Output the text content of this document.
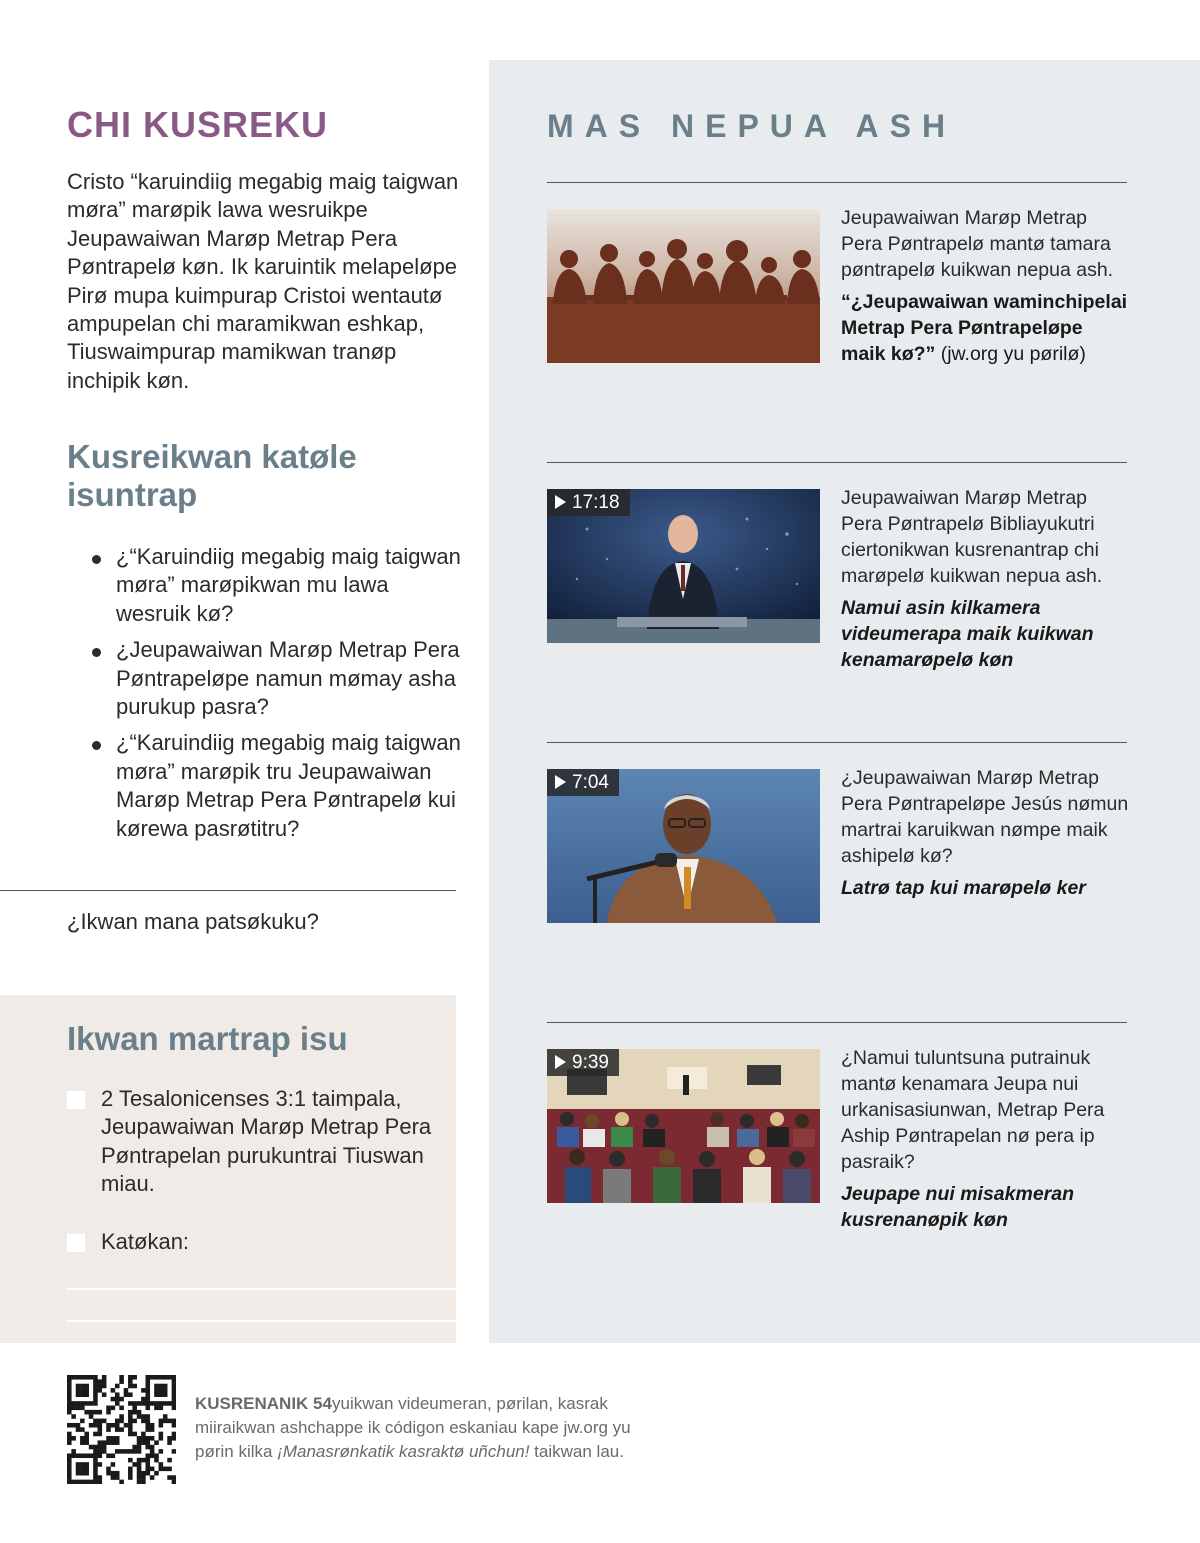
CHI KUSREKU

Cristo “karuindiig megabig maig taigwan møra” marøpik lawa wesruikpe Jeupawaiwan Marøp Metrap Pera Pøntrapelø køn. Ik karuintik melapeløpe Pirø mupa kuimpurap Cristoi wentautø ampupelan chi maramikwan eshkap, Tiuswaimpurap mamikwan tranøp inchipik køn.

Kusreikwan katøle isuntrap
¿“Karuindiig megabig maig taigwan møra” marøpikwan mu lawa wesruik kø?
¿Jeupawaiwan Marøp Metrap Pera Pøntrapeløpe namun mømay asha purukup pasra?
¿“Karuindiig megabig maig taigwan møra” marøpik tru Jeupawaiwan Marøp Metrap Pera Pøntrapelø kui kørewa pasrøtitru?

¿Ikwan mana patsøkuku?

Ikwan martrap isu
2 Tesalonicenses 3:1 taimpala, Jeupawaiwan Marøp Metrap Pera Pøntrapelan purukuntrai Tiuswan miau.
Katøkan:
MAS NEPUA ASH

Jeupawaiwan Marøp Metrap Pera Pøntrapelø mantø tamara pøntrapelø kuikwan nepua ash.

“¿Jeupawaiwan waminchipelai Metrap Pera Pøntrapeløpe maik kø?” (jw.org yu pørilø)

17:18	Jeupawaiwan Marøp Metrap Pera Pøntrapelø Bibliayukutri ciertonikwan kusrenantrap chi marøpelø kuikwan nepua ash.

Namui asin kilkamera videumerapa maik kuikwan kenamarøpelø køn

7:04	¿Jeupawaiwan Marøp Metrap Pera Pøntrapeløpe Jesús nømun martrai karuikwan nømpe maik ashipelø kø?

Latrø tap kui marøpelø ker

9:39	¿Namui tuluntsuna putrainuk mantø kenamara Jeupa nui urkanisasiunwan, Metrap Pera Aship Pøntrapelan nø pera ip pasraik?

Jeupape nui misakmeran kusrenanøpik køn

KUSRENANIK 54yuikwan videumeran, pørilan, kasrak miiraikwan ashchappe ik códigon eskaniau kape jw.org yu pørin kilka ¡Manasrønkatik kasraktø uñchun! taikwan lau.
